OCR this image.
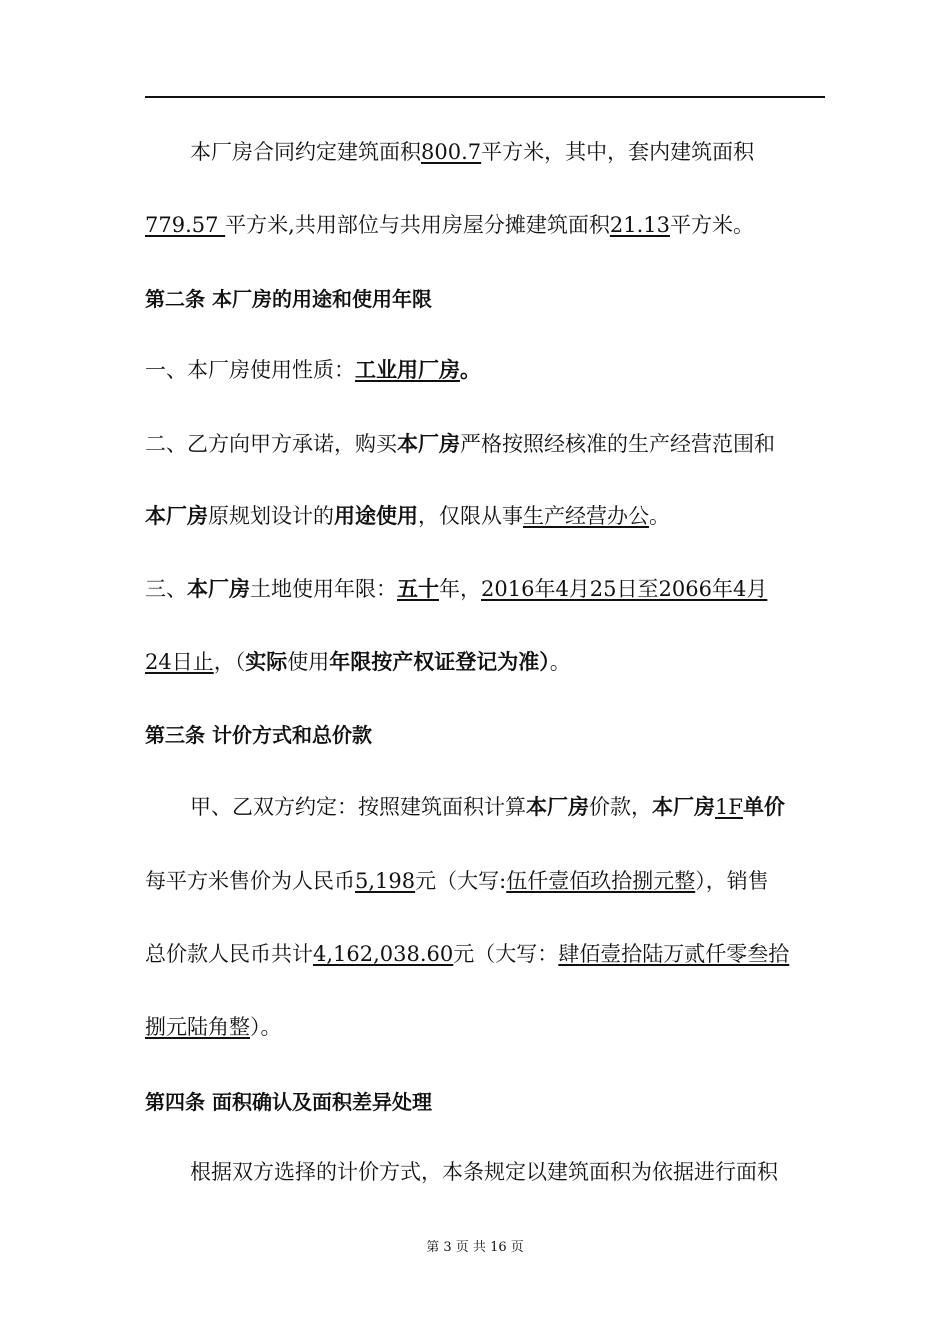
本厂房合同约定建筑面积800.7平方米，其中，套内建筑面积
779.57 平方米,共用部位与共用房屋分摊建筑面积21.13平方米。
第二条 本厂房的用途和使用年限
一、本厂房使用性质：工业用厂房。
二、乙方向甲方承诺，购买本厂房严格按照经核准的生产经营范围和
本厂房原规划设计的用途使用，仅限从事生产经营办公。
三、本厂房土地使用年限：五十年，2016年4月25日至2066年4月
24日止，（实际使用年限按产权证登记为准）。
第三条 计价方式和总价款
甲、乙双方约定：按照建筑面积计算本厂房价款，本厂房1F单价
每平方米售价为人民币5,198元（大写:伍仟壹佰玖拾捌元整），销售
总价款人民币共计4,162,038.60元（大写：肆佰壹拾陆万贰仟零叁拾
捌元陆角整）。
第四条 面积确认及面积差异处理
根据双方选择的计价方式，本条规定以建筑面积为依据进行面积
第 3 页 共 16 页
